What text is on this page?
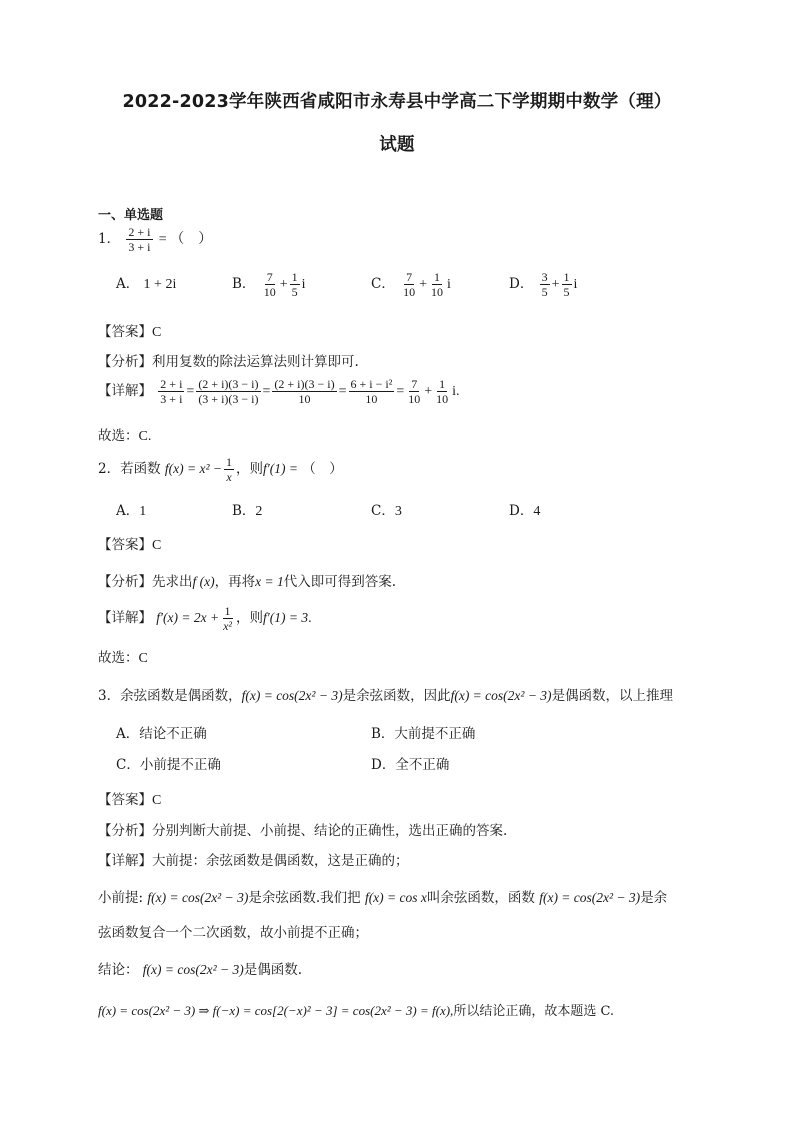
2022-2023学年陕西省咸阳市永寿县中学高二下学期期中数学（理）
试题
一、单选题
1． $\frac{2 + i}{3 + i}$ = （　）
A． 1 + 2i	B． $\frac{7}{10} + \frac{1}{5}$ i	C． $\frac{7}{10} + \frac{1}{10}$ i	D． $\frac{3}{5} + \frac{1}{5}$ i
【答案】C
【分析】利用复数的除法运算法则计算即可.
【详解】 $\frac{2 + i}{3 + i} = \frac{(2 + i)(3 - i)}{(3 + i)(3 - i)} = \frac{(2 + i)(3 - i)}{10} = \frac{\text{6 + i − i²}}{10} = \frac{7}{10} + \frac{1}{10} i$.
故选：C.
2．若函数 $f(x) = x^2 - \frac{1}{x}$ ，则f′(1) = （　）
A．1	B．2	C．3	D．4
【答案】C
【分析】先求出f (x)，再将x = 1代入即可得到答案.
【详解】 $f'(x) = 2x + \frac{1}{\text{x²}}$ ，则f′(1) = 3.
故选：C
3．余弦函数是偶函数，f(x) = cos(2x² − 3)是余弦函数，因此f(x) = cos(2x² − 3)是偶函数，以上推理
A．结论不正确	B．大前提不正确
C．小前提不正确	D．全不正确
【答案】C
【分析】分别判断大前提、小前提、结论的正确性，选出正确的答案.
【详解】大前提：余弦函数是偶函数，这是正确的；
小前提: f(x) = cos(2x² − 3)是余弦函数.我们把 f(x) = cos x叫余弦函数，函数 f(x) = cos(2x² − 3)是余
弦函数复合一个二次函数，故小前提不正确；
结论： f(x) = cos(2x² − 3)是偶函数.
f(x) = cos(2x² − 3) ⇒ f(−x) = cos[2(−x)² − 3] = cos(2x² − 3) = f(x),所以结论正确，故本题选 C.
